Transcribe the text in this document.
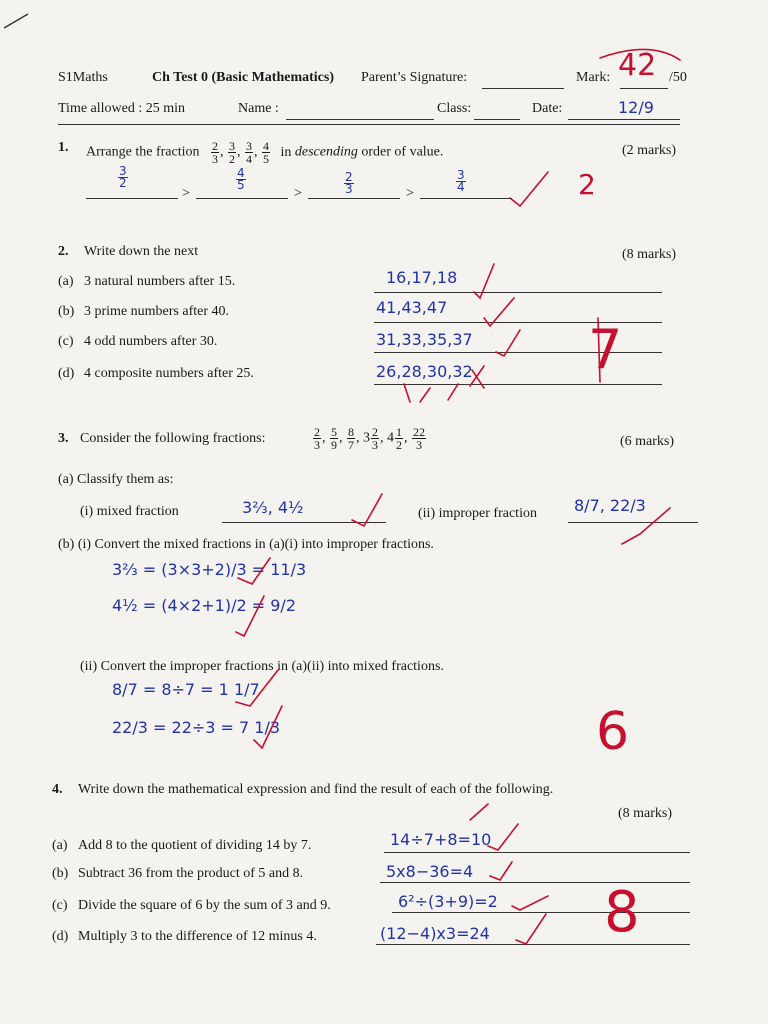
S1Maths	Ch Test 0 (Basic Mathematics) Parent’s Signature:	Mark:	/50
42
Time allowed : 25 min	Name :	Class:	Date:	12/9
1. Arrange the fraction $\frac{2}{3}$ , $\frac{3}{2}$ , $\frac{3}{4}$ , $\frac{4}{5}$ in descending order of value.	(2 marks)
>	>	>
$\frac{3}{2}$	$\frac{4}{5}$	$\frac{2}{3}$	$\frac{3}{4}$	2
2. Write down the next	(8 marks)
(a) 3 natural numbers after 15.	16,17,18
(b) 3 prime numbers after 40.	41,43,47
(c) 4 odd numbers after 30.	31,33,35,37
(d) 4 composite numbers after 25.	26,28,30,32 7
3. Consider the following fractions:	$\frac{2}{3}$ , $\frac{5}{9}$ , $\frac{8}{7}$ , $3 \frac{2}{3}$ , $4 \frac{1}{2}$ , $\frac{22}{3}$	(6 marks)
(a) Classify them as:
(i) mixed fraction	3⅔, 4½	(ii) improper fraction 8/7, 22/3
(b) (i) Convert the mixed fractions in (a)(i) into improper fractions.
3⅔ = (3×3+2)/3 = 11/3
4½ = (4×2+1)/2 = 9/2
(ii) Convert the improper fractions in (a)(ii) into mixed fractions.
8/7 = 8÷7 = 1 1/7
22/3 = 22÷3 = 7 1/3	6
4. Write down the mathematical expression and find the result of each of the following.
(8 marks)
(a) Add 8 to the quotient of dividing 14 by 7.	14÷7+8=10
(b) Subtract 36 from the product of 5 and 8.	5x8−36=4
(c) Divide the square of 6 by the sum of 3 and 9.	6²÷(3+9)=2
(d) Multiply 3 to the difference of 12 minus 4.	(12−4)x3=24 8
